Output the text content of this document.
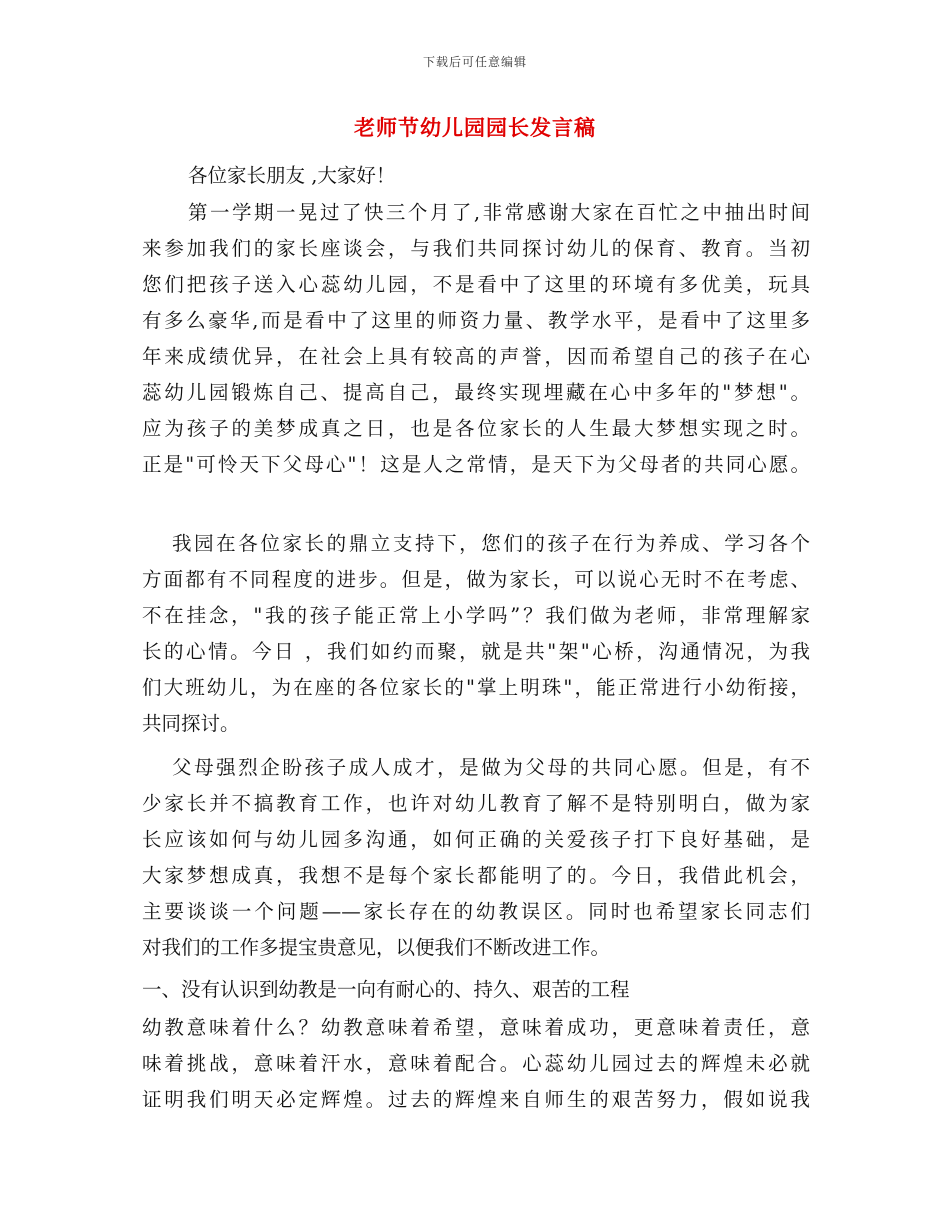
下载后可任意编辑
老师节幼儿园园长发言稿
各位家长朋友 ,大家好！
第一学期一晃过了快三个月了,非常感谢大家在百忙之中抽出时间
来参加我们的家长座谈会，与我们共同探讨幼儿的保育、教育。当初
您们把孩子送入心蕊幼儿园，不是看中了这里的环境有多优美，玩具
有多么豪华,而是看中了这里的师资力量、教学水平，是看中了这里多
年来成绩优异，在社会上具有较高的声誉，因而希望自己的孩子在心
蕊幼儿园锻炼自己、提高自己，最终实现埋藏在心中多年的"梦想"。
应为孩子的美梦成真之日，也是各位家长的人生最大梦想实现之时。
正是"可怜天下父母心"！这是人之常情，是天下为父母者的共同心愿。
我园在各位家长的鼎立支持下，您们的孩子在行为养成、学习各个
方面都有不同程度的进步。但是，做为家长，可以说心无时不在考虑、
不在挂念，"我的孩子能正常上小学吗”？我们做为老师，非常理解家
长的心情。今日 ，我们如约而聚，就是共"架"心桥，沟通情况，为我
们大班幼儿，为在座的各位家长的"掌上明珠"，能正常进行小幼衔接，
共同探讨。
父母强烈企盼孩子成人成才，是做为父母的共同心愿。但是，有不
少家长并不搞教育工作，也许对幼儿教育了解不是特别明白，做为家
长应该如何与幼儿园多沟通，如何正确的关爱孩子打下良好基础，是
大家梦想成真，我想不是每个家长都能明了的。今日，我借此机会，
主要谈谈一个问题——家长存在的幼教误区。同时也希望家长同志们
对我们的工作多提宝贵意见，以便我们不断改进工作。
一、没有认识到幼教是一向有耐心的、持久、艰苦的工程
幼教意味着什么？幼教意味着希望，意味着成功，更意味着责任，意
味着挑战，意味着汗水，意味着配合。心蕊幼儿园过去的辉煌未必就
证明我们明天必定辉煌。过去的辉煌来自师生的艰苦努力，假如说我
